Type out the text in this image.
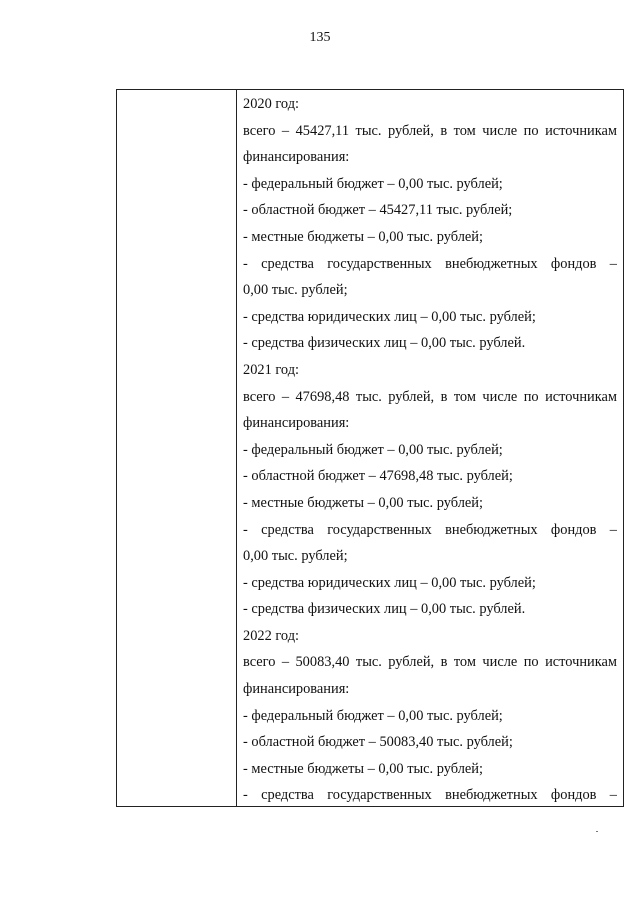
135
2020 год:
всего – 45427,11 тыс. рублей, в том числе по источникам
финансирования:
- федеральный бюджет – 0,00 тыс. рублей;
- областной бюджет – 45427,11 тыс. рублей;
- местные бюджеты – 0,00 тыс. рублей;
- средства государственных внебюджетных фондов –
0,00 тыс. рублей;
- средства юридических лиц – 0,00 тыс. рублей;
- средства физических лиц – 0,00 тыс. рублей.
2021 год:
всего – 47698,48 тыс. рублей, в том числе по источникам
финансирования:
- федеральный бюджет – 0,00 тыс. рублей;
- областной бюджет – 47698,48 тыс. рублей;
- местные бюджеты – 0,00 тыс. рублей;
- средства государственных внебюджетных фондов –
0,00 тыс. рублей;
- средства юридических лиц – 0,00 тыс. рублей;
- средства физических лиц – 0,00 тыс. рублей.
2022 год:
всего – 50083,40 тыс. рублей, в том числе по источникам
финансирования:
- федеральный бюджет – 0,00 тыс. рублей;
- областной бюджет – 50083,40 тыс. рублей;
- местные бюджеты – 0,00 тыс. рублей;
- средства государственных внебюджетных фондов –
